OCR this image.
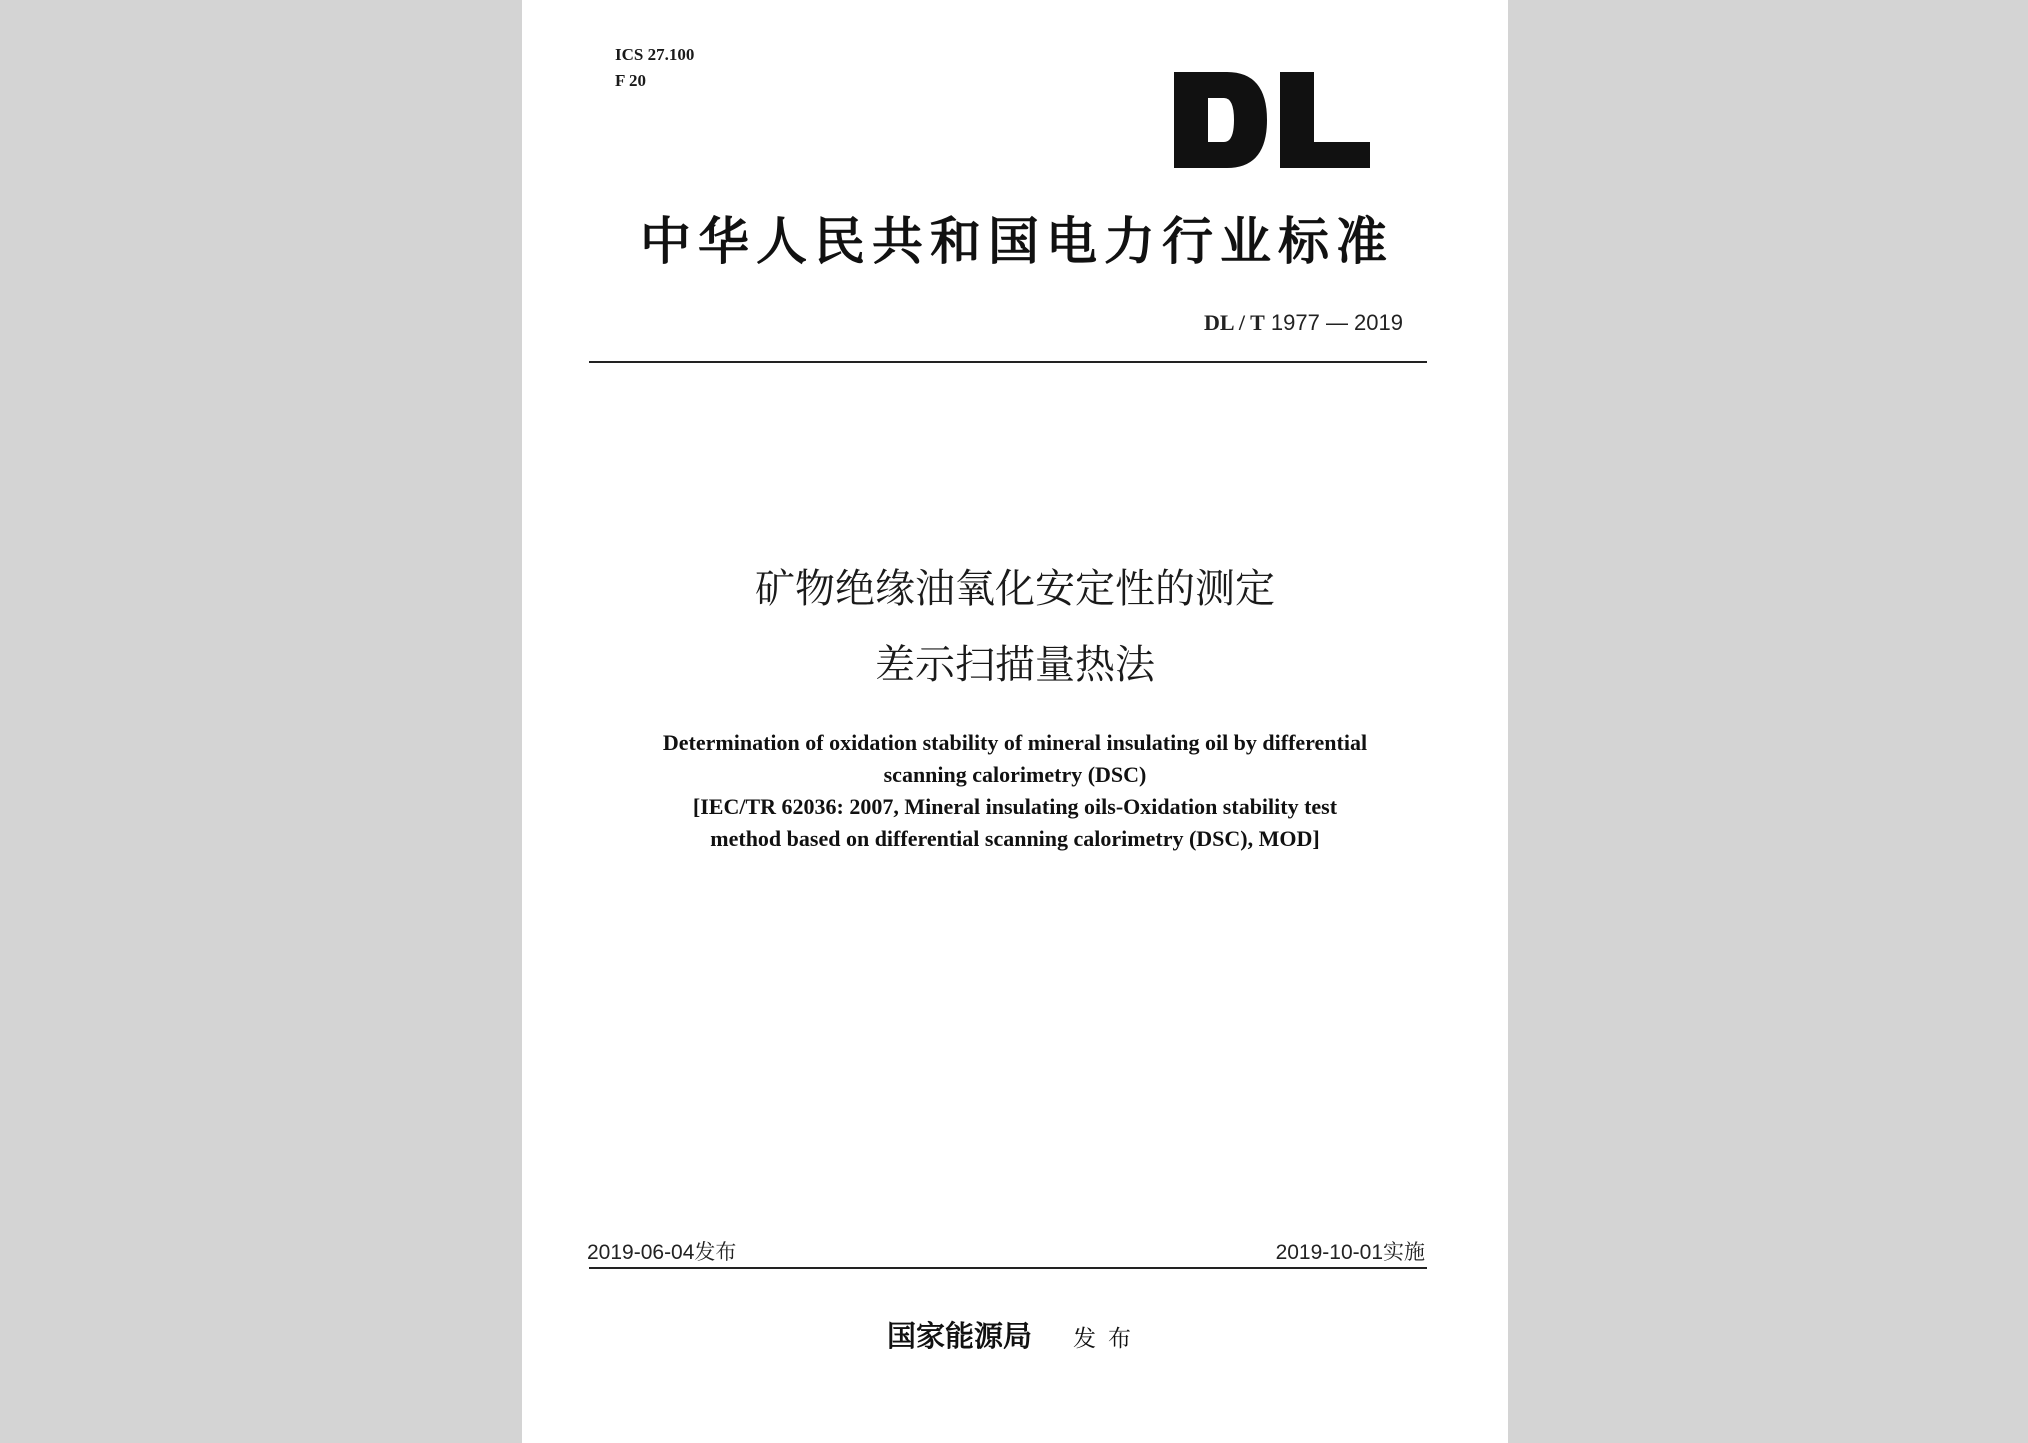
ICS 27.100
F 20
中华人民共和国电力行业标准
DL / T 1977 — 2019
矿物绝缘油氧化安定性的测定
差示扫描量热法
Determination of oxidation stability of mineral insulating oil by differential
scanning calorimetry (DSC)
[IEC/TR 62036: 2007, Mineral insulating oils-Oxidation stability test
method based on differential scanning calorimetry (DSC), MOD]
2019-06-04发布	2019-10-01实施
国家能源局 发布
